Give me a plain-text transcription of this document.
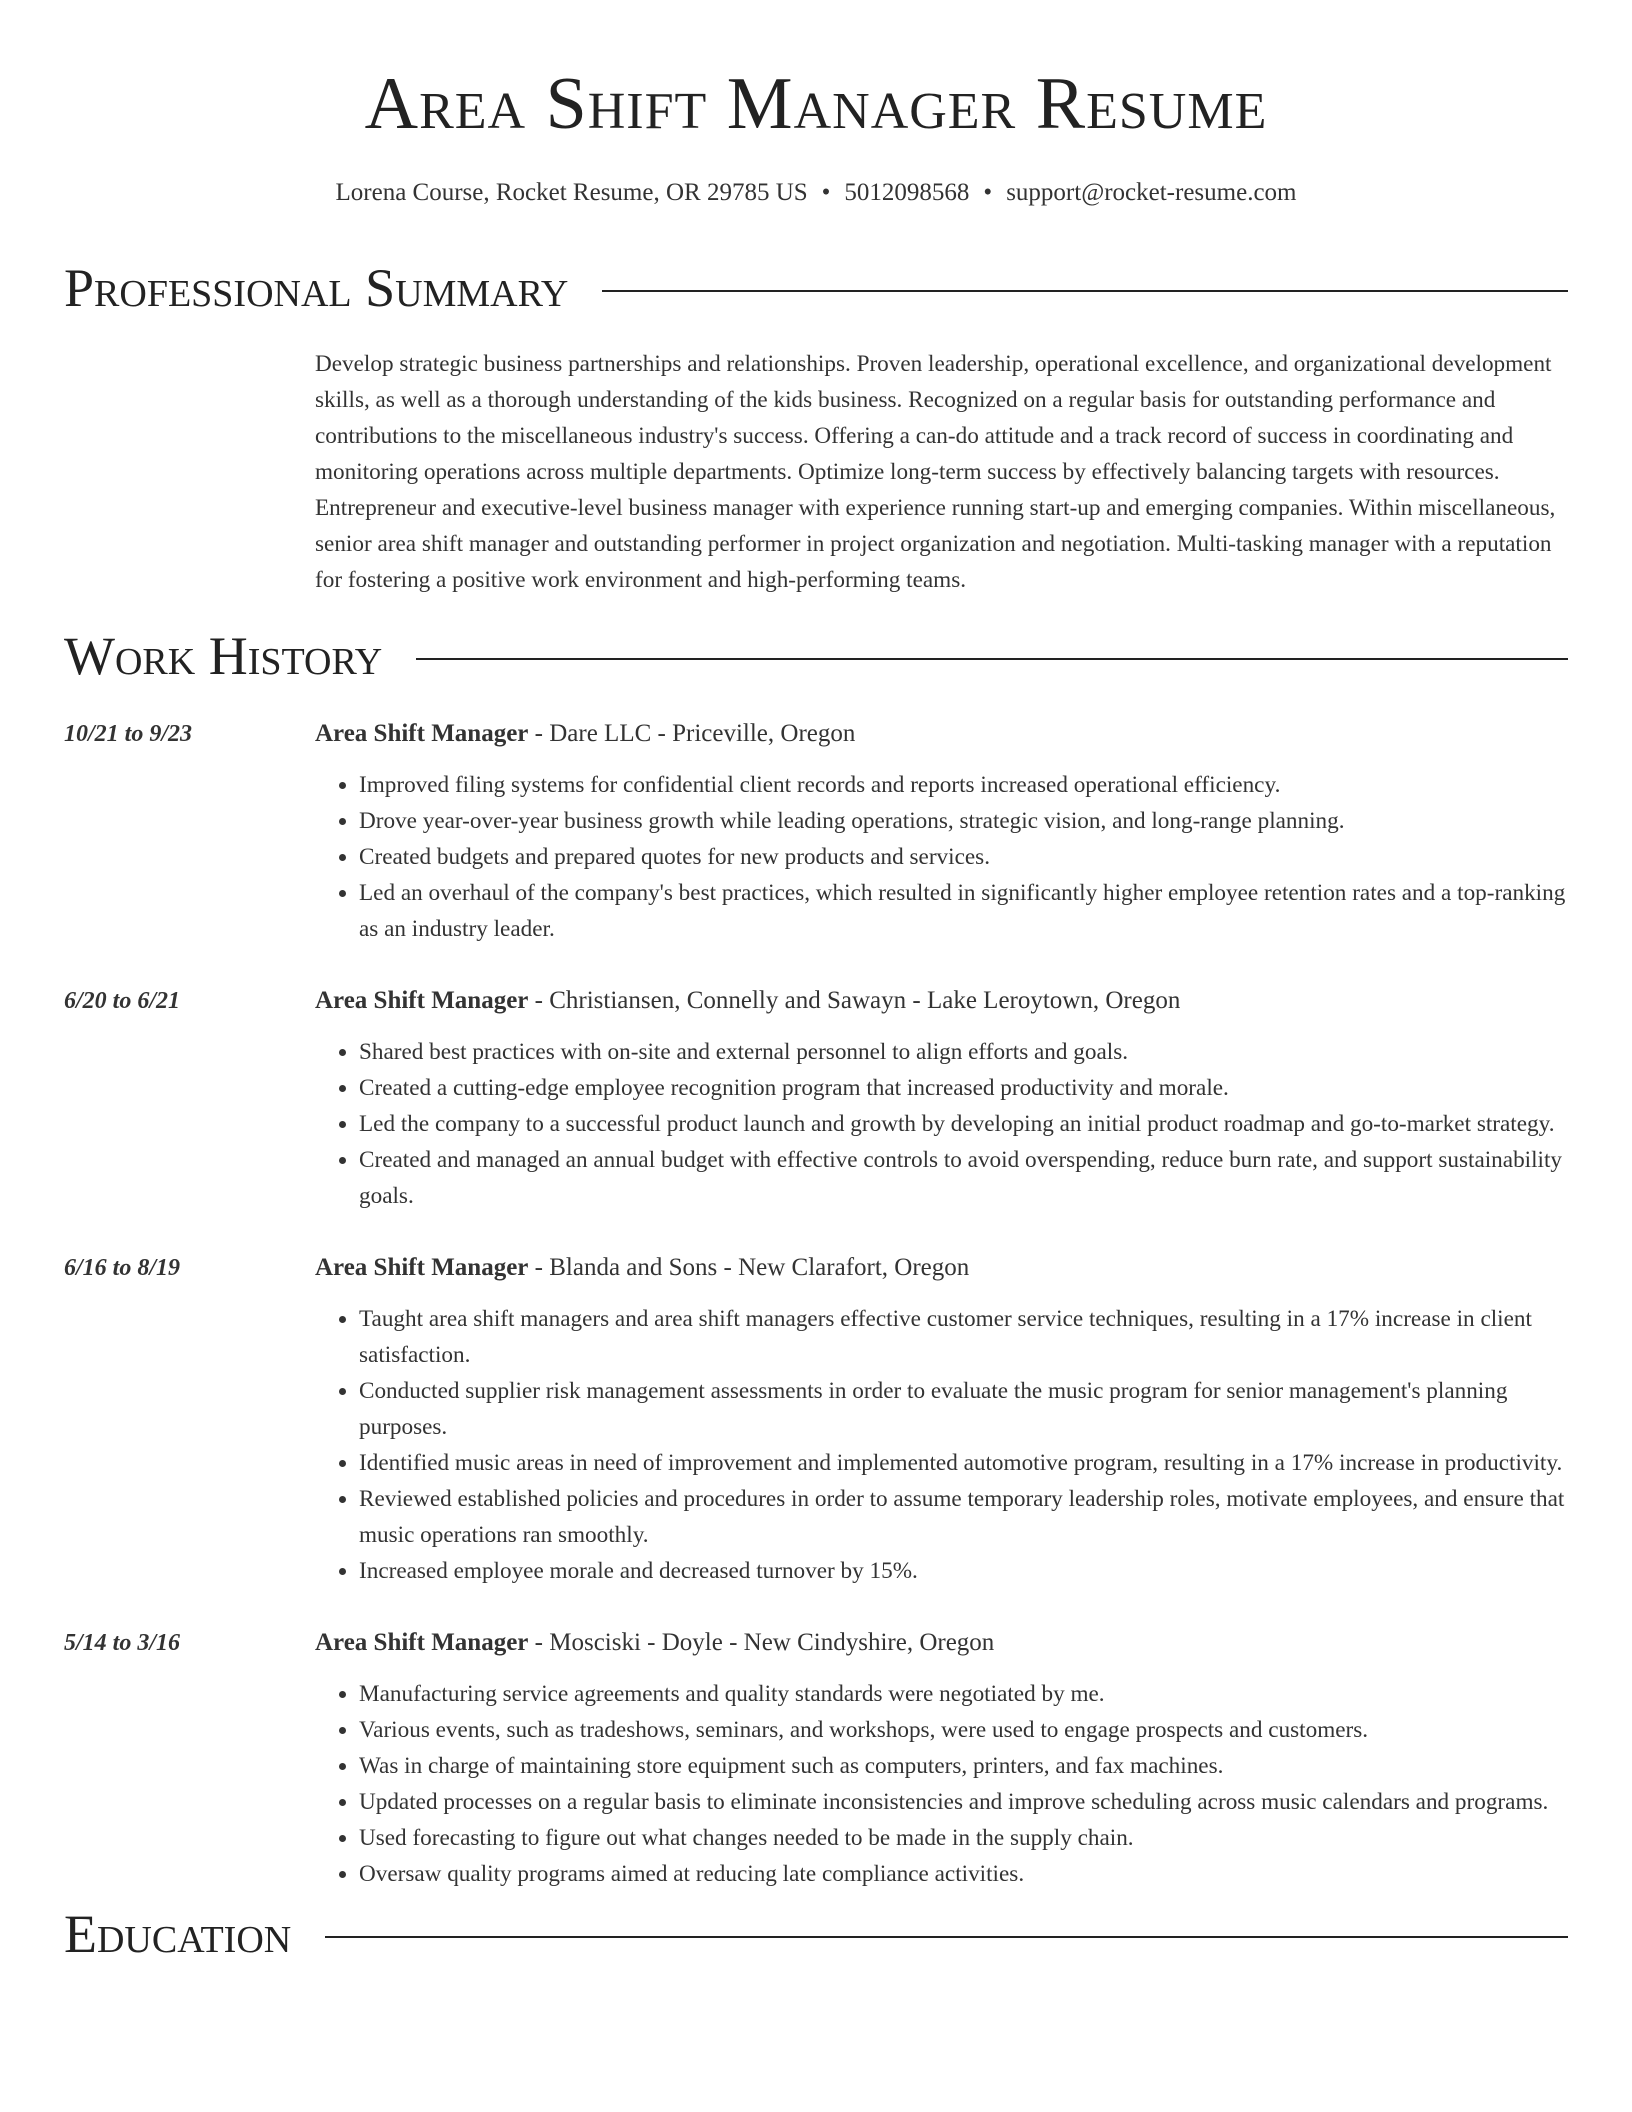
Area Shift Manager Resume
Lorena Course, Rocket Resume, OR 29785 US • 5012098568 • support@rocket-resume.com
Professional Summary

Develop strategic business partnerships and relationships. Proven leadership, operational excellence, and organizational development skills, as well as a thorough understanding of the kids business. Recognized on a regular basis for outstanding performance and contributions to the miscellaneous industry's success. Offering a can-do attitude and a track record of success in coordinating and monitoring operations across multiple departments. Optimize long-term success by effectively balancing targets with resources. Entrepreneur and executive-level business manager with experience running start-up and emerging companies. Within miscellaneous, senior area shift manager and outstanding performer in project organization and negotiation. Multi-tasking manager with a reputation for fostering a positive work environment and high-performing teams.

Work History
10/21 to 9/23	Area Shift Manager - Dare LLC - Priceville, Oregon
• Improved filing systems for confidential client records and reports increased operational efficiency.
• Drove year-over-year business growth while leading operations, strategic vision, and long-range planning.
• Created budgets and prepared quotes for new products and services.
• Led an overhaul of the company's best practices, which resulted in significantly higher employee retention rates and a top-ranking as an industry leader.
6/20 to 6/21	Area Shift Manager - Christiansen, Connelly and Sawayn - Lake Leroytown, Oregon
• Shared best practices with on-site and external personnel to align efforts and goals.
• Created a cutting-edge employee recognition program that increased productivity and morale.
• Led the company to a successful product launch and growth by developing an initial product roadmap and go-to-market strategy.
• Created and managed an annual budget with effective controls to avoid overspending, reduce burn rate, and support sustainability goals.
6/16 to 8/19	Area Shift Manager - Blanda and Sons - New Clarafort, Oregon
• Taught area shift managers and area shift managers effective customer service techniques, resulting in a 17% increase in client satisfaction.
• Conducted supplier risk management assessments in order to evaluate the music program for senior management's planning purposes.
• Identified music areas in need of improvement and implemented automotive program, resulting in a 17% increase in productivity.
• Reviewed established policies and procedures in order to assume temporary leadership roles, motivate employees, and ensure that music operations ran smoothly.
• Increased employee morale and decreased turnover by 15%.
5/14 to 3/16	Area Shift Manager - Mosciski - Doyle - New Cindyshire, Oregon
• Manufacturing service agreements and quality standards were negotiated by me.
• Various events, such as tradeshows, seminars, and workshops, were used to engage prospects and customers.
• Was in charge of maintaining store equipment such as computers, printers, and fax machines.
• Updated processes on a regular basis to eliminate inconsistencies and improve scheduling across music calendars and programs.
• Used forecasting to figure out what changes needed to be made in the supply chain.
• Oversaw quality programs aimed at reducing late compliance activities.
Education
